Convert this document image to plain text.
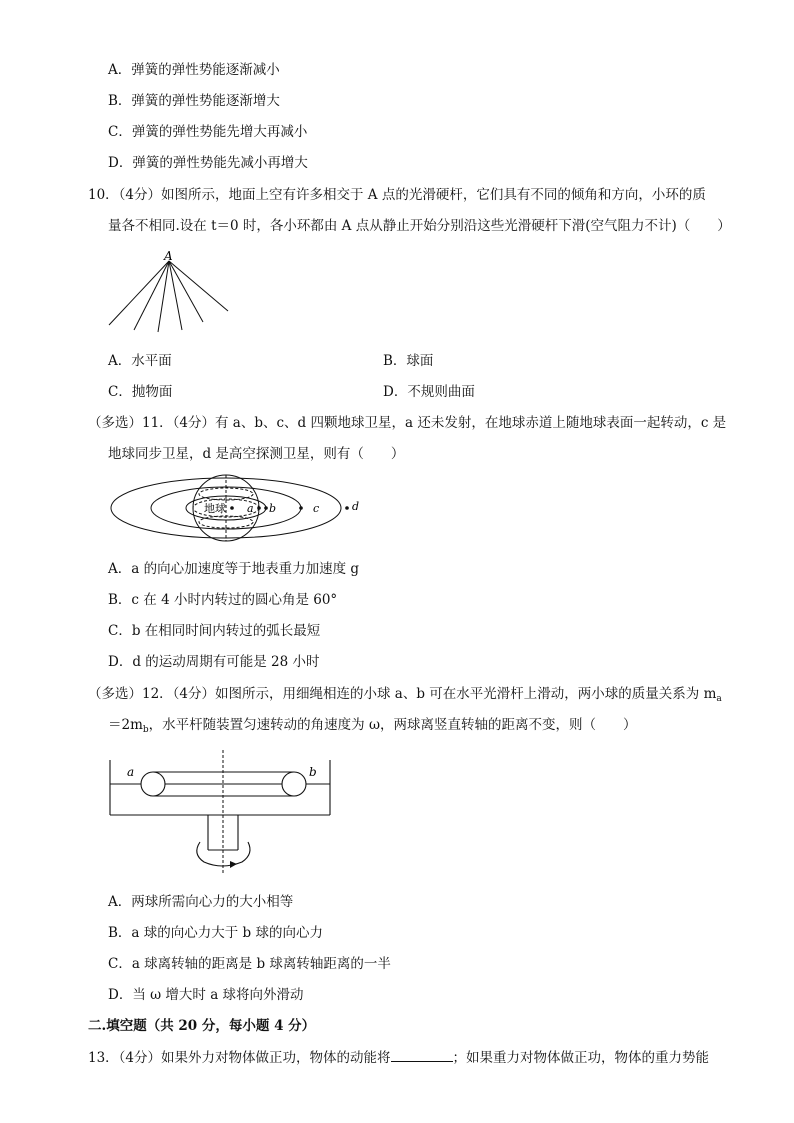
A．弹簧的弹性势能逐渐减小
B．弹簧的弹性势能逐渐增大
C．弹簧的弹性势能先增大再减小
D．弹簧的弹性势能先减小再增大
10．（4分）如图所示，地面上空有许多相交于 A 点的光滑硬杆，它们具有不同的倾角和方向，小环的质
量各不相同.设在 t＝0 时，各小环都由 A 点从静止开始分别沿这些光滑硬杆下滑(空气阻力不计)（　　）
A
A．水平面	B．球面
C．抛物面	D．不规则曲面
（多选）11．（4分）有 a、b、c、d 四颗地球卫星，a 还未发射，在地球赤道上随地球表面一起转动，c 是
地球同步卫星，d 是高空探测卫星，则有（　　）
地球 a b	c	d
A．a 的向心加速度等于地表重力加速度 g
B．c 在 4 小时内转过的圆心角是 60°
C．b 在相同时间内转过的弧长最短
D．d 的运动周期有可能是 28 小时
（多选）12．（4分）如图所示，用细绳相连的小球 a、b 可在水平光滑杆上滑动，两小球的质量关系为 $m_a$
$=2m_b$，水平杆随装置匀速转动的角速度为 ω，两球离竖直转轴的距离不变，则（　　）
a	b
A．两球所需向心力的大小相等
B．a 球的向心力大于 b 球的向心力
C．a 球离转轴的距离是 b 球离转轴距离的一半
D．当 ω 增大时 a 球将向外滑动
二.填空题（共 20 分，每小题 4 分）
13．（4分）如果外力对物体做正功，物体的动能将	；如果重力对物体做正功，物体的重力势能
